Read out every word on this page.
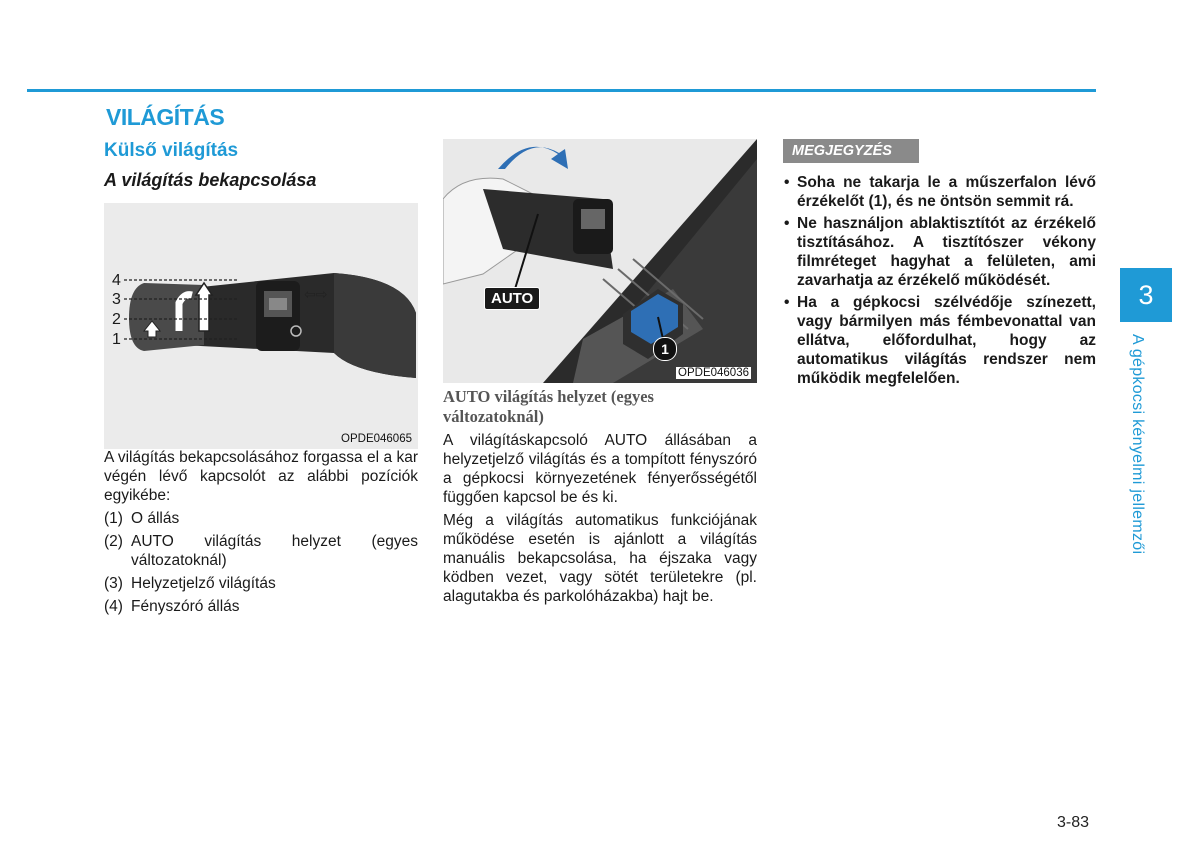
VILÁGÍTÁS
Külső világítás
A világítás bekapcsolása
⇦⇨
4
3
2
1
OPDE046065

A világítás bekapcsolásához forgassa el a kar végén lévő kapcsolót az alábbi pozíciók egyikébe:

(1) O állás
(2) AUTO világítás helyzet (egyes változatoknál)
(3) Helyzetjelző világítás
(4) Fényszóró állás
AUTO
1
OPDE046036

AUTO világítás helyzet (egyes változatoknál)

A világításkapcsoló AUTO állásában a helyzetjelző világítás és a tompított fényszóró a gépkocsi környezetének fényerősségétől függően kapcsol be és ki.

Még a világítás automatikus funkciójának működése esetén is ajánlott a világítás manuális bekapcsolása, ha éjszaka vagy ködben vezet, vagy sötét területekre (pl. alagutakba és parkolóházakba) hajt be.

MEGJEGYZÉS
• Soha ne takarja le a műszerfalon lévő érzékelőt (1), és ne öntsön semmit rá.
• Ne használjon ablaktisztítót az érzékelő tisztításához. A tisztítószer vékony filmréteget hagyhat a felületen, ami zavarhatja az érzékelő működését.
• Ha a gépkocsi szélvédője színezett, vagy bármilyen más fémbevonattal van ellátva, előfordulhat, hogy az automatikus világítás rendszer nem működik megfelelően.
3
A gépkocsi kényelmi jellemzői
3-83
